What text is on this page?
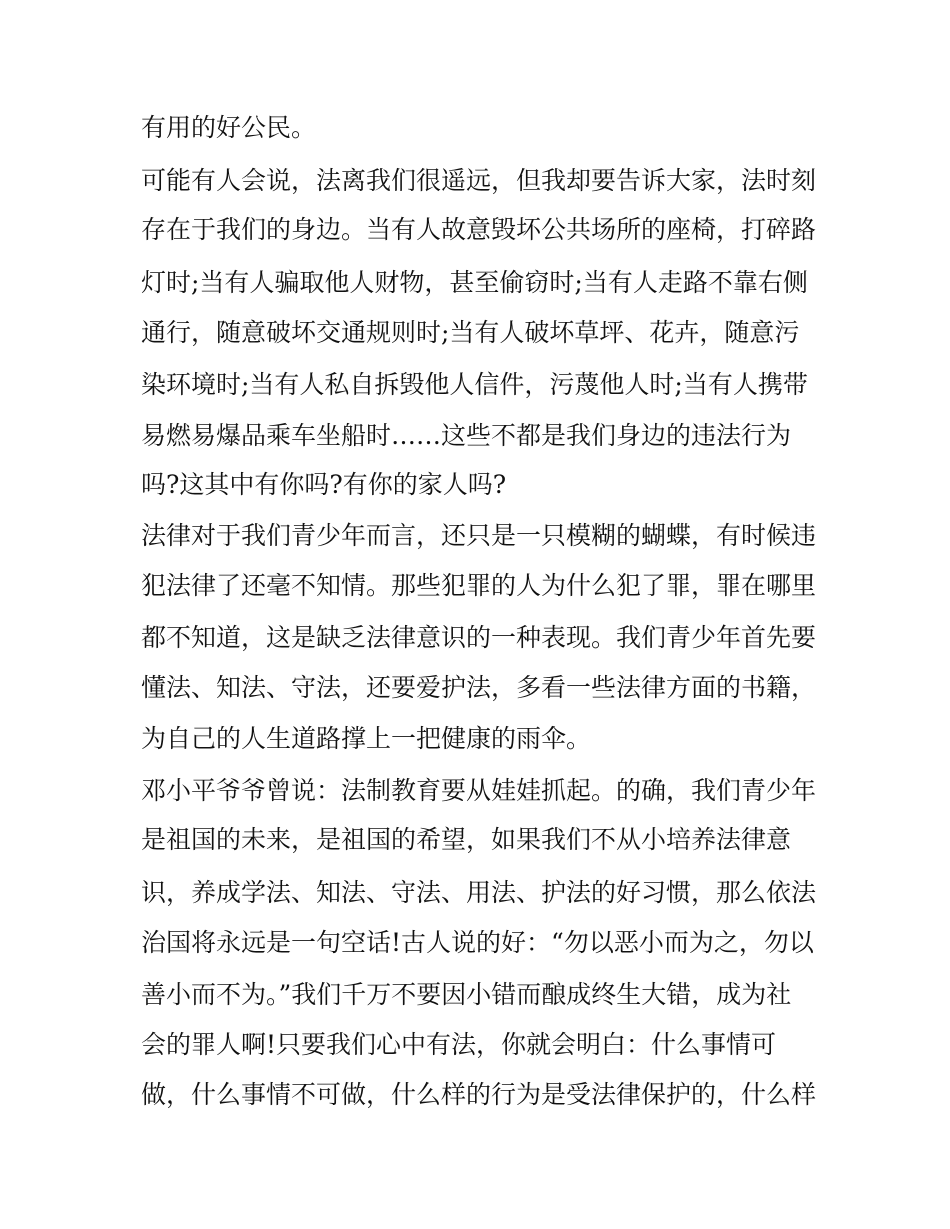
有用的好公民。
可能有人会说，法离我们很遥远，但我却要告诉大家，法时刻
存在于我们的身边。当有人故意毁坏公共场所的座椅，打碎路
灯时;当有人骗取他人财物，甚至偷窃时;当有人走路不靠右侧
通行，随意破坏交通规则时;当有人破坏草坪、花卉，随意污
染环境时;当有人私自拆毁他人信件，污蔑他人时;当有人携带
易燃易爆品乘车坐船时……这些不都是我们身边的违法行为
吗?这其中有你吗?有你的家人吗?
法律对于我们青少年而言，还只是一只模糊的蝴蝶，有时候违
犯法律了还毫不知情。那些犯罪的人为什么犯了罪，罪在哪里
都不知道，这是缺乏法律意识的一种表现。我们青少年首先要
懂法、知法、守法，还要爱护法，多看一些法律方面的书籍，
为自己的人生道路撑上一把健康的雨伞。
邓小平爷爷曾说：法制教育要从娃娃抓起。的确，我们青少年
是祖国的未来，是祖国的希望，如果我们不从小培养法律意
识，养成学法、知法、守法、用法、护法的好习惯，那么依法
治国将永远是一句空话!古人说的好：“勿以恶小而为之，勿以
善小而不为。”我们千万不要因小错而酿成终生大错，成为社
会的罪人啊!只要我们心中有法，你就会明白：什么事情可
做，什么事情不可做，什么样的行为是受法律保护的，什么样
